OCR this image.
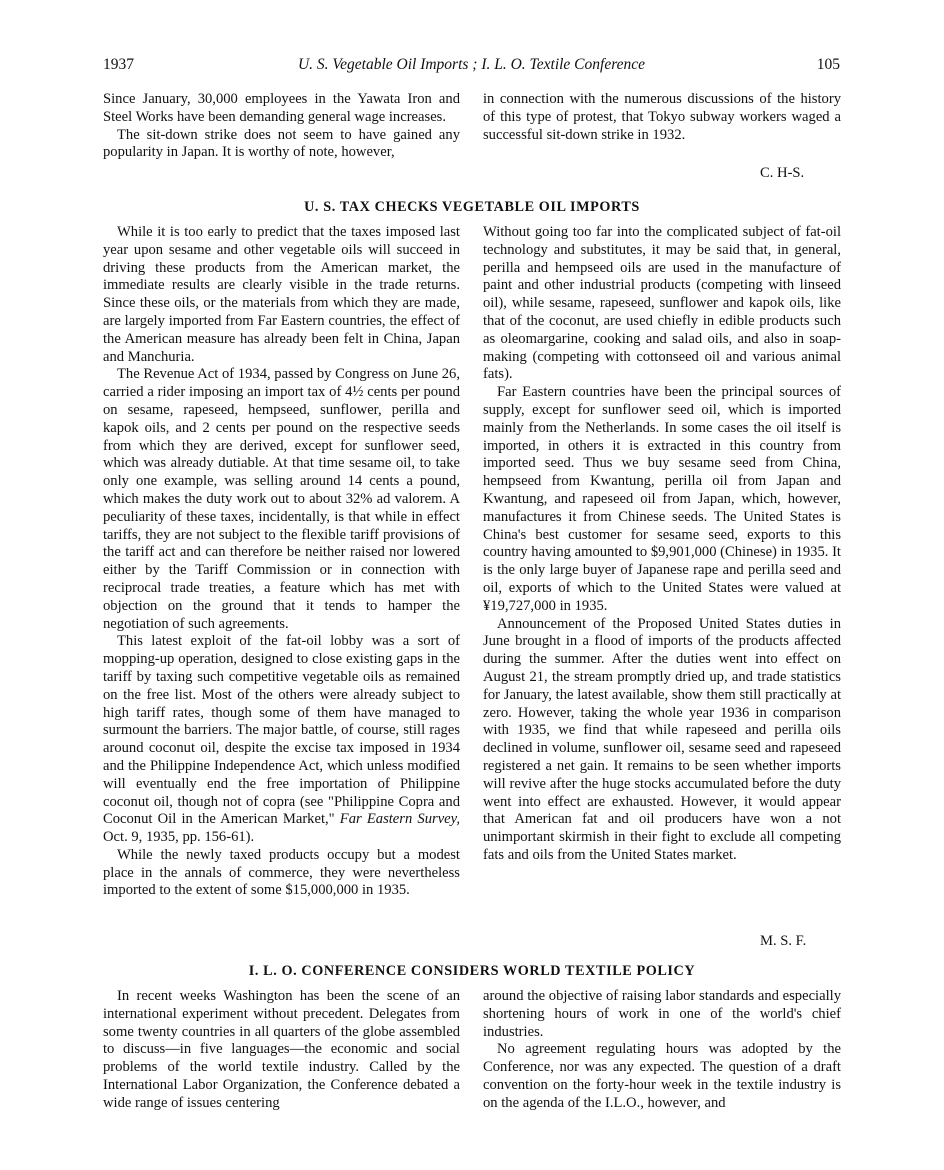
1937	U. S. Vegetable Oil Imports ; I. L. O. Textile Conference	105

Since January, 30,000 employees in the Yawata Iron and Steel Works have been demanding general wage increases.

The sit-down strike does not seem to have gained any popularity in Japan. It is worthy of note, however,

in connection with the numerous discussions of the history of this type of protest, that Tokyo subway workers waged a successful sit-down strike in 1932.

C. H-S.
U. S. TAX CHECKS VEGETABLE OIL IMPORTS

While it is too early to predict that the taxes imposed last year upon sesame and other vegetable oils will succeed in driving these products from the American market, the immediate results are clearly visible in the trade returns. Since these oils, or the materials from which they are made, are largely imported from Far Eastern countries, the effect of the American measure has already been felt in China, Japan and Manchuria.

The Revenue Act of 1934, passed by Congress on June 26, carried a rider imposing an import tax of 4½ cents per pound on sesame, rapeseed, hempseed, sunflower, perilla and kapok oils, and 2 cents per pound on the respective seeds from which they are derived, except for sunflower seed, which was already dutiable. At that time sesame oil, to take only one example, was selling around 14 cents a pound, which makes the duty work out to about 32% ad valorem. A peculiarity of these taxes, incidentally, is that while in effect tariffs, they are not subject to the flexible tariff provisions of the tariff act and can therefore be neither raised nor lowered either by the Tariff Commission or in connection with reciprocal trade treaties, a feature which has met with objection on the ground that it tends to hamper the negotiation of such agreements.

This latest exploit of the fat-oil lobby was a sort of mopping-up operation, designed to close existing gaps in the tariff by taxing such competitive vegetable oils as remained on the free list. Most of the others were already subject to high tariff rates, though some of them have managed to surmount the barriers. The major battle, of course, still rages around coconut oil, despite the excise tax imposed in 1934 and the Philippine Independence Act, which unless modified will eventually end the free importation of Philippine coconut oil, though not of copra (see "Philippine Copra and Coconut Oil in the American Market," Far Eastern Survey, Oct. 9, 1935, pp. 156-61).

While the newly taxed products occupy but a modest place in the annals of commerce, they were nevertheless imported to the extent of some $15,000,000 in 1935.

Without going too far into the complicated subject of fat-oil technology and substitutes, it may be said that, in general, perilla and hempseed oils are used in the manufacture of paint and other industrial products (competing with linseed oil), while sesame, rapeseed, sunflower and kapok oils, like that of the coconut, are used chiefly in edible products such as oleomargarine, cooking and salad oils, and also in soap-making (competing with cottonseed oil and various animal fats).

Far Eastern countries have been the principal sources of supply, except for sunflower seed oil, which is imported mainly from the Netherlands. In some cases the oil itself is imported, in others it is extracted in this country from imported seed. Thus we buy sesame seed from China, hempseed from Kwantung, perilla oil from Japan and Kwantung, and rapeseed oil from Japan, which, however, manufactures it from Chinese seeds. The United States is China's best customer for sesame seed, exports to this country having amounted to $9,901,000 (Chinese) in 1935. It is the only large buyer of Japanese rape and perilla seed and oil, exports of which to the United States were valued at ¥19,727,000 in 1935.

Announcement of the Proposed United States duties in June brought in a flood of imports of the products affected during the summer. After the duties went into effect on August 21, the stream promptly dried up, and trade statistics for January, the latest available, show them still practically at zero. However, taking the whole year 1936 in comparison with 1935, we find that while rapeseed and perilla oils declined in volume, sunflower oil, sesame seed and rapeseed registered a net gain. It remains to be seen whether imports will revive after the huge stocks accumulated before the duty went into effect are exhausted. However, it would appear that American fat and oil producers have won a not unimportant skirmish in their fight to exclude all competing fats and oils from the United States market.

M. S. F.
I. L. O. CONFERENCE CONSIDERS WORLD TEXTILE POLICY

In recent weeks Washington has been the scene of an international experiment without precedent. Delegates from some twenty countries in all quarters of the globe assembled to discuss—in five languages—the economic and social problems of the world textile industry. Called by the International Labor Organization, the Conference debated a wide range of issues centering

around the objective of raising labor standards and especially shortening hours of work in one of the world's chief industries.

No agreement regulating hours was adopted by the Conference, nor was any expected. The question of a draft convention on the forty-hour week in the textile industry is on the agenda of the I.L.O., however, and
